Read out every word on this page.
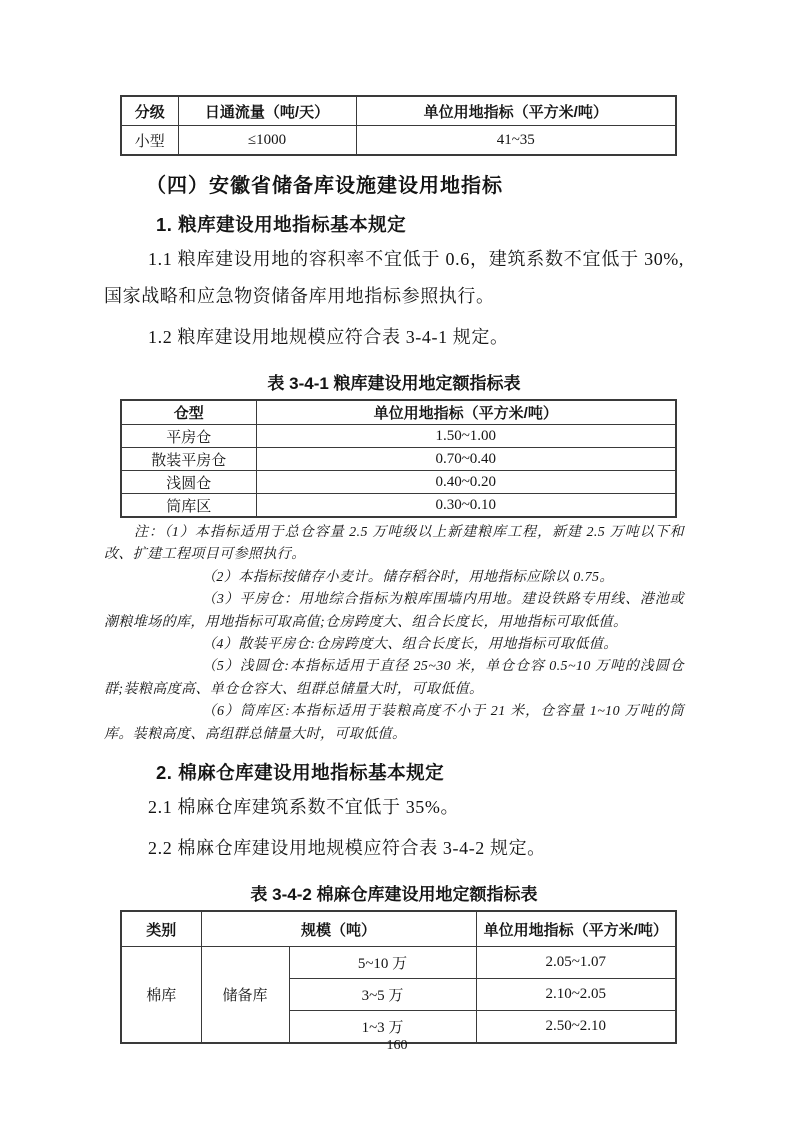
分级	日通流量（吨/天）	单位用地指标（平方米/吨）
小型	≤1000	41~35
（四）安徽省储备库设施建设用地指标
1. 粮库建设用地指标基本规定

1.1 粮库建设用地的容积率不宜低于 0.6，建筑系数不宜低于 30%,国家战略和应急物资储备库用地指标参照执行。

1.2 粮库建设用地规模应符合表 3-4-1 规定。

表 3-4-1 粮库建设用地定额指标表
仓型	单位用地指标（平方米/吨）
平房仓	1.50~1.00
散装平房仓	0.70~0.40
浅圆仓	0.40~0.20
筒库区	0.30~0.10

注：（1）本指标适用于总仓容量 2.5 万吨级以上新建粮库工程，新建 2.5 万吨以下和改、扩建工程项目可参照执行。

（2）本指标按储存小麦计。储存稻谷时，用地指标应除以 0.75。

（3）平房仓：用地综合指标为粮库围墙内用地。建设铁路专用线、港池或潮粮堆场的库，用地指标可取高值;仓房跨度大、组合长度长，用地指标可取低值。

（4）散装平房仓:仓房跨度大、组合长度长，用地指标可取低值。

（5）浅圆仓:本指标适用于直径 25~30 米，单仓仓容 0.5~10 万吨的浅圆仓群;装粮高度高、单仓仓容大、组群总储量大时，可取低值。

（6）筒库区:本指标适用于装粮高度不小于 21 米，仓容量 1~10 万吨的筒库。装粮高度、高组群总储量大时，可取低值。

2. 棉麻仓库建设用地指标基本规定

2.1 棉麻仓库建筑系数不宜低于 35%。

2.2 棉麻仓库建设用地规模应符合表 3-4-2 规定。

表 3-4-2 棉麻仓库建设用地定额指标表
类别	规模（吨）		单位用地指标（平方米/吨）
棉库	储备库	5~10 万	2.05~1.07
		3~5 万	2.10~2.05
		1~3 万	2.50~2.10
160
